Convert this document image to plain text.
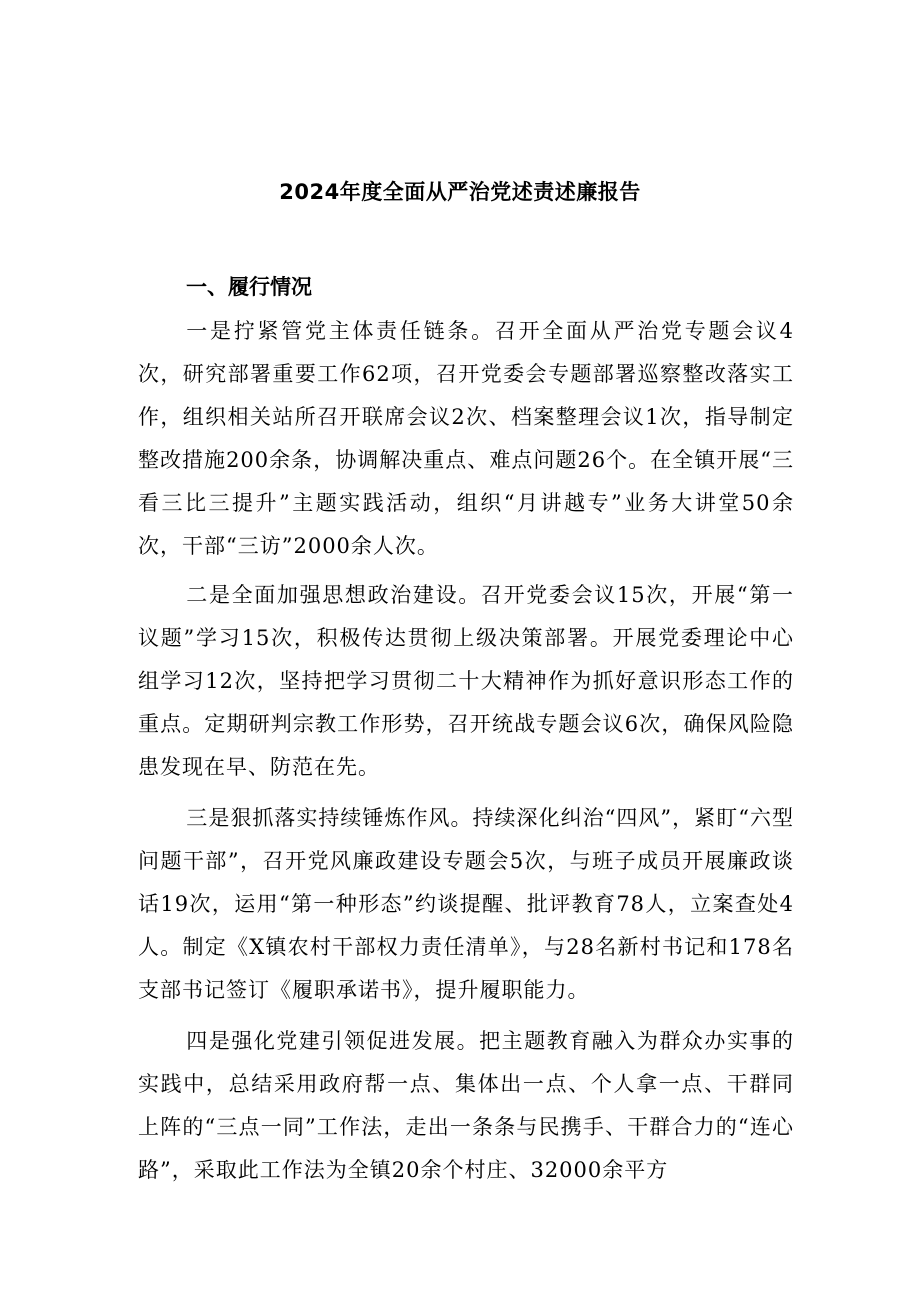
2024年度全面从严治党述责述廉报告
一、履行情况

一是拧紧管党主体责任链条。召开全面从严治党专题会议4次，研究部署重要工作62项，召开党委会专题部署巡察整改落实工作，组织相关站所召开联席会议2次、档案整理会议1次，指导制定整改措施200余条，协调解决重点、难点问题26个。在全镇开展“三看三比三提升”主题实践活动，组织“月讲越专”业务大讲堂50余次，干部“三访”2000余人次。

二是全面加强思想政治建设。召开党委会议15次，开展“第一议题”学习15次，积极传达贯彻上级决策部署。开展党委理论中心组学习12次，坚持把学习贯彻二十大精神作为抓好意识形态工作的重点。定期研判宗教工作形势，召开统战专题会议6次，确保风险隐患发现在早、防范在先。

三是狠抓落实持续锤炼作风。持续深化纠治“四风”，紧盯“六型问题干部”，召开党风廉政建设专题会5次，与班子成员开展廉政谈话19次，运用“第一种形态”约谈提醒、批评教育78人，立案查处4人。制定《X镇农村干部权力责任清单》，与28名新村书记和178名支部书记签订《履职承诺书》，提升履职能力。

四是强化党建引领促进发展。把主题教育融入为群众办实事的实践中，总结采用政府帮一点、集体出一点、个人拿一点、干群同上阵的“三点一同”工作法，走出一条条与民携手、干群合力的“连心路”，采取此工作法为全镇20余个村庄、32000余平方
